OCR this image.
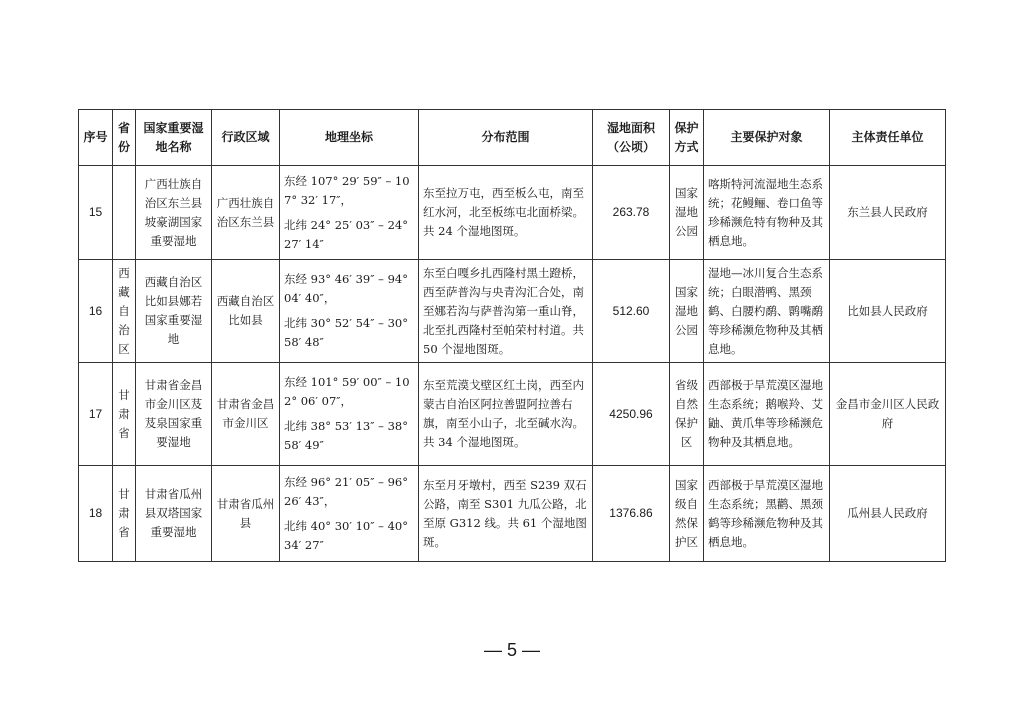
序号	省份	国家重要湿地名称	行政区域	地理坐标	分布范围	湿地面积（公顷）	保护方式	主要保护对象	主体责任单位
15		广西壮族自治区东兰县坡豪湖国家重要湿地	广西壮族自治区东兰县	东经 107° 29′ 59″ – 107° 32′ 17″，
北纬 24° 25′ 03″ – 24° 27′ 14″	东至拉万屯，西至板么屯，南至红水河，北至板练屯北面桥梁。共 24 个湿地图斑。	263.78	国家湿地公园	喀斯特河流湿地生态系统；花鳗鲡、卷口鱼等珍稀濒危特有物种及其栖息地。	东兰县人民政府
16	西藏自治区	西藏自治区比如县娜若国家重要湿地	西藏自治区比如县	东经 93° 46′ 39″ – 94° 04′ 40″，
北纬 30° 52′ 54″ – 30° 58′ 48″	东至白嘎乡扎西隆村黑土蹬桥，西至萨普沟与央青沟汇合处，南至娜若沟与萨普沟第一重山脊，北至扎西隆村至帕荣村村道。共 50 个湿地图斑。	512.60	国家湿地公园	湿地—冰川复合生态系统；白眼潜鸭、黑颈鹤、白腰杓鹬、鹮嘴鹬等珍稀濒危物种及其栖息地。	比如县人民政府
17	甘肃省	甘肃省金昌市金川区芨芨泉国家重要湿地	甘肃省金昌市金川区	东经 101° 59′ 00″ – 102° 06′ 07″，
北纬 38° 53′ 13″ – 38° 58′ 49″	东至荒漠戈壁区红土岗，西至内蒙古自治区阿拉善盟阿拉善右旗，南至小山子，北至碱水沟。共 34 个湿地图斑。	4250.96	省级自然保护区	西部极于旱荒漠区湿地生态系统；鹅喉羚、艾鼬、黄爪隼等珍稀濒危物种及其栖息地。	金昌市金川区人民政府
18	甘肃省	甘肃省瓜州县双塔国家重要湿地	甘肃省瓜州县	东经 96° 21′ 05″ – 96° 26′ 43″，
北纬 40° 30′ 10″ – 40° 34′ 27″	东至月牙墩村，西至 S239 双石公路，南至 S301 九瓜公路，北至原 G312 线。共 61 个湿地图斑。	1376.86	国家级自然保护区	西部极于旱荒漠区湿地生态系统；黑鹳、黑颈鹤等珍稀濒危物种及其栖息地。	瓜州县人民政府
— 5 —
